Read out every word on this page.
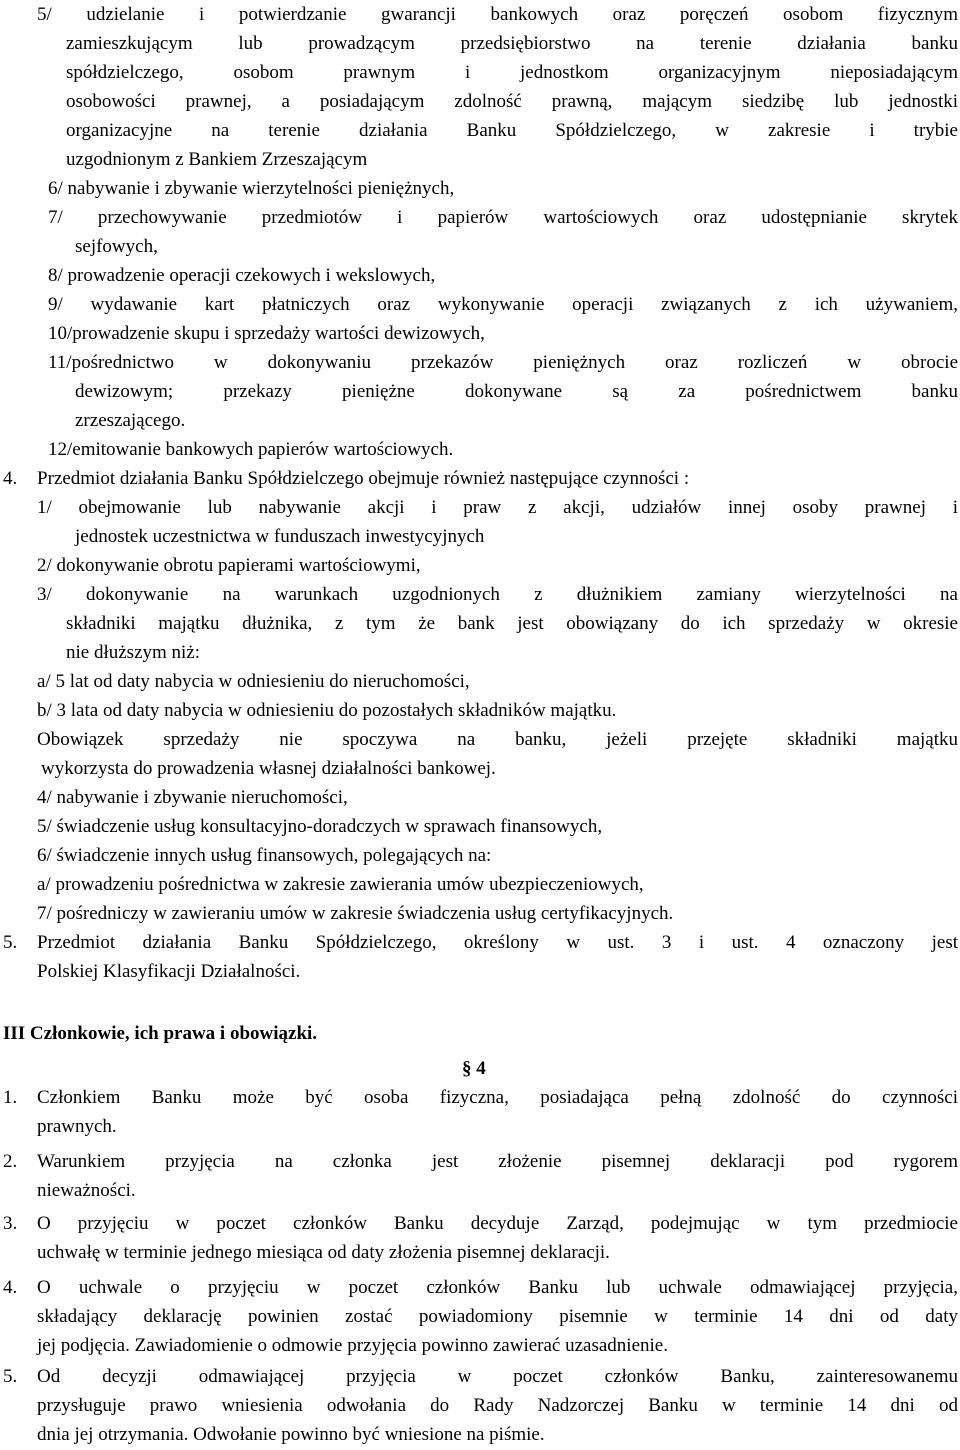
5/ udzielanie i potwierdzanie gwarancji bankowych oraz poręczeń osobom fizycznym
zamieszkującym lub prowadzącym przedsiębiorstwo na terenie działania banku
spółdzielczego, osobom prawnym i jednostkom organizacyjnym nieposiadającym
osobowości prawnej, a posiadającym zdolność prawną, mającym siedzibę lub jednostki
organizacyjne na terenie działania Banku Spółdzielczego, w zakresie i trybie
uzgodnionym z Bankiem Zrzeszającym
6/ nabywanie i zbywanie wierzytelności pieniężnych,
7/ przechowywanie przedmiotów i papierów wartościowych oraz udostępnianie skrytek
sejfowych,
8/ prowadzenie operacji czekowych i wekslowych,
9/ wydawanie kart płatniczych oraz wykonywanie operacji związanych z ich używaniem,
10/prowadzenie skupu i sprzedaży wartości dewizowych,
11/pośrednictwo w dokonywaniu przekazów pieniężnych oraz rozliczeń w obrocie
dewizowym; przekazy pieniężne dokonywane są za pośrednictwem banku
zrzeszającego.
12/emitowanie bankowych papierów wartościowych.
4. Przedmiot działania Banku Spółdzielczego obejmuje również następujące czynności :
1/ obejmowanie lub nabywanie akcji i praw z akcji, udziałów innej osoby prawnej i
jednostek uczestnictwa w funduszach inwestycyjnych
2/ dokonywanie obrotu papierami wartościowymi,
3/ dokonywanie na warunkach uzgodnionych z dłużnikiem zamiany wierzytelności na
składniki majątku dłużnika, z tym że bank jest obowiązany do ich sprzedaży w okresie
nie dłuższym niż:
a/ 5 lat od daty nabycia w odniesieniu do nieruchomości,
b/ 3 lata od daty nabycia w odniesieniu do pozostałych składników majątku.
Obowiązek sprzedaży nie spoczywa na banku, jeżeli przejęte składniki majątku
wykorzysta do prowadzenia własnej działalności bankowej.
4/ nabywanie i zbywanie nieruchomości,
5/ świadczenie usług konsultacyjno-doradczych w sprawach finansowych,
6/ świadczenie innych usług finansowych, polegających na:
a/ prowadzeniu pośrednictwa w zakresie zawierania umów ubezpieczeniowych,
7/ pośredniczy w zawieraniu umów w zakresie świadczenia usług certyfikacyjnych.
5. Przedmiot działania Banku Spółdzielczego, określony w ust. 3 i ust. 4 oznaczony jest
Polskiej Klasyfikacji Działalności.
III Członkowie, ich prawa i obowiązki.
§ 4
1. Członkiem Banku może być osoba fizyczna, posiadająca pełną zdolność do czynności
prawnych.
2. Warunkiem przyjęcia na członka jest złożenie pisemnej deklaracji pod rygorem
nieważności.
3. O przyjęciu w poczet członków Banku decyduje Zarząd, podejmując w tym przedmiocie
uchwałę w terminie jednego miesiąca od daty złożenia pisemnej deklaracji.
4. O uchwale o przyjęciu w poczet członków Banku lub uchwale odmawiającej przyjęcia,
składający deklarację powinien zostać powiadomiony pisemnie w terminie 14 dni od daty
jej podjęcia. Zawiadomienie o odmowie przyjęcia powinno zawierać uzasadnienie.
5. Od decyzji odmawiającej przyjęcia w poczet członków Banku, zainteresowanemu
przysługuje prawo wniesienia odwołania do Rady Nadzorczej Banku w terminie 14 dni od
dnia jej otrzymania. Odwołanie powinno być wniesione na piśmie.
